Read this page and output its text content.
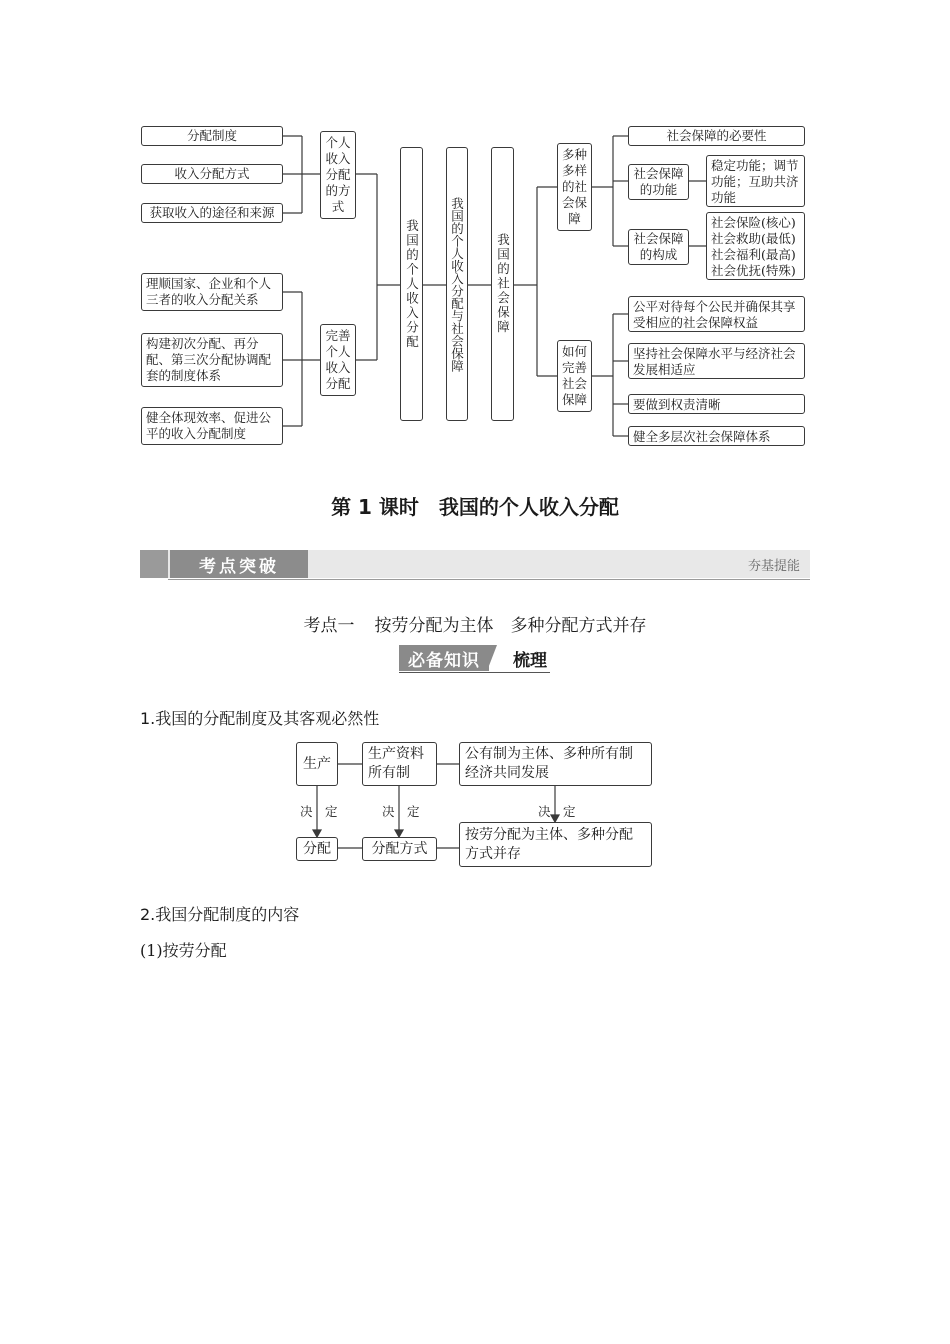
分配制度
收入分配方式
获取收入的途径和来源
理顺国家、企业和个人三者的收入分配关系
构建初次分配、再分配、第三次分配协调配套的制度体系
健全体现效率、促进公平的收入分配制度
个人收入分配的方式
完善个人收入分配
我国的个人收入分配 我国的个人收入分配与社会保障 我国的社会保障
多种多样的社会保障
如何完善社会保障
社会保障的必要性
社会保障的功能
稳定功能；调节功能；互助共济功能
社会保障的构成
社会保险(核心)
社会救助(最低)
社会福利(最高)
社会优抚(特殊)
公平对待每个公民并确保其享受相应的社会保障权益
坚持社会保障水平与经济社会发展相适应
要做到权责清晰
健全多层次社会保障体系
第 1 课时　我国的个人收入分配
考点突破	夯基提能
考点一 按劳分配为主体　多种分配方式并存
必备知识	梳理
1.我国的分配制度及其客观必然性
生产
生产资料所有制
公有制为主体、多种所有制经济共同发展
决　定	决　定	决　定
分配	分配方式
按劳分配为主体、多种分配方式并存
2.我国分配制度的内容
(1)按劳分配
